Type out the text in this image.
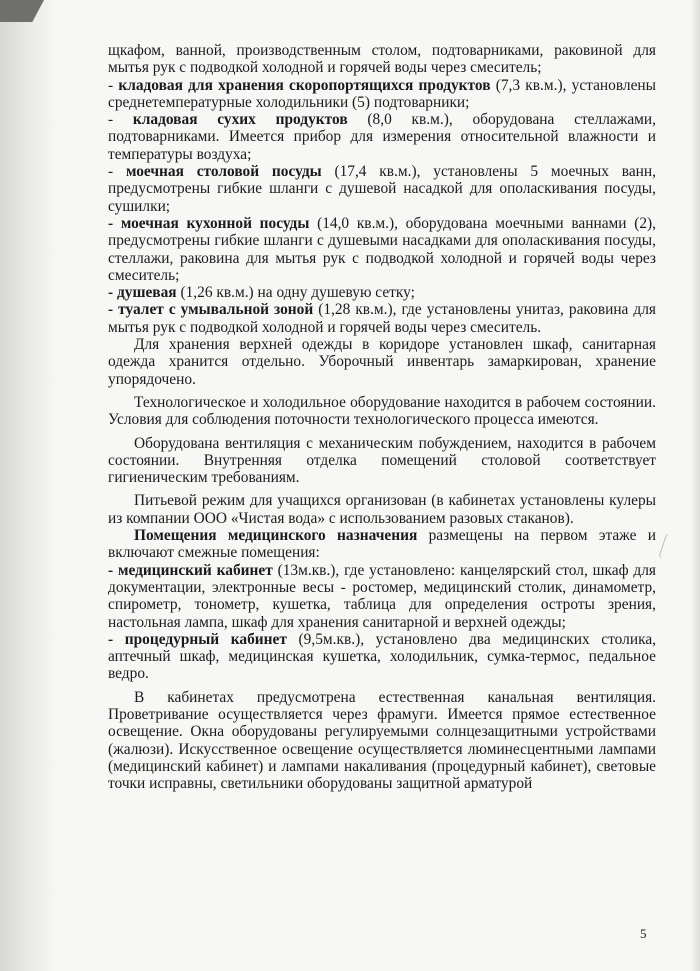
щкафом, ванной, производственным столом, подтоварниками, раковиной для мытья рук с подводкой холодной и горячей воды через смеситель;

- кладовая для хранения скоропортящихся продуктов (7,3 кв.м.), установлены среднетемпературные холодильники (5) подтоварники;

- кладовая сухих продуктов (8,0 кв.м.), оборудована стеллажами, подтоварниками. Имеется прибор для измерения относительной влажности и температуры воздуха;

- моечная столовой посуды (17,4 кв.м.), установлены 5 моечных ванн, предусмотрены гибкие шланги с душевой насадкой для ополаскивания посуды, сушилки;

- моечная кухонной посуды (14,0 кв.м.), оборудована моечными ваннами (2), предусмотрены гибкие шланги с душевыми насадками для ополаскивания посуды, стеллажи, раковина для мытья рук с подводкой холодной и горячей воды через смеситель;

- душевая (1,26 кв.м.) на одну душевую сетку;

- туалет с умывальной зоной (1,28 кв.м.), где установлены унитаз, раковина для мытья рук с подводкой холодной и горячей воды через смеситель.

Для хранения верхней одежды в коридоре установлен шкаф, санитарная одежда хранится отдельно. Уборочный инвентарь замаркирован, хранение упорядочено.

Технологическое и холодильное оборудование находится в рабочем состоянии. Условия для соблюдения поточности технологического процесса имеются.

Оборудована вентиляция с механическим побуждением, находится в рабочем состоянии. Внутренняя отделка помещений столовой соответствует гигиеническим требованиям.

Питьевой режим для учащихся организован (в кабинетах установлены кулеры из компании ООО «Чистая вода» с использованием разовых стаканов).

Помещения медицинского назначения размещены на первом этаже и включают смежные помещения:

- медицинский кабинет (13м.кв.), где установлено: канцелярский стол, шкаф для документации, электронные весы - ростомер, медицинский столик, динамометр, спирометр, тонометр, кушетка, таблица для определения остроты зрения, настольная лампа, шкаф для хранения санитарной и верхней одежды;

- процедурный кабинет (9,5м.кв.), установлено два медицинских столика, аптечный шкаф, медицинская кушетка, холодильник, сумка-термос, педальное ведро.

В кабинетах предусмотрена естественная канальная вентиляция. Проветривание осуществляется через фрамуги. Имеется прямое естественное освещение. Окна оборудованы регулируемыми солнцезащитными устройствами (жалюзи). Искусственное освещение осуществляется люминесцентными лампами (медицинский кабинет) и лампами накаливания (процедурный кабинет), световые точки исправны, светильники оборудованы защитной арматурой

5
